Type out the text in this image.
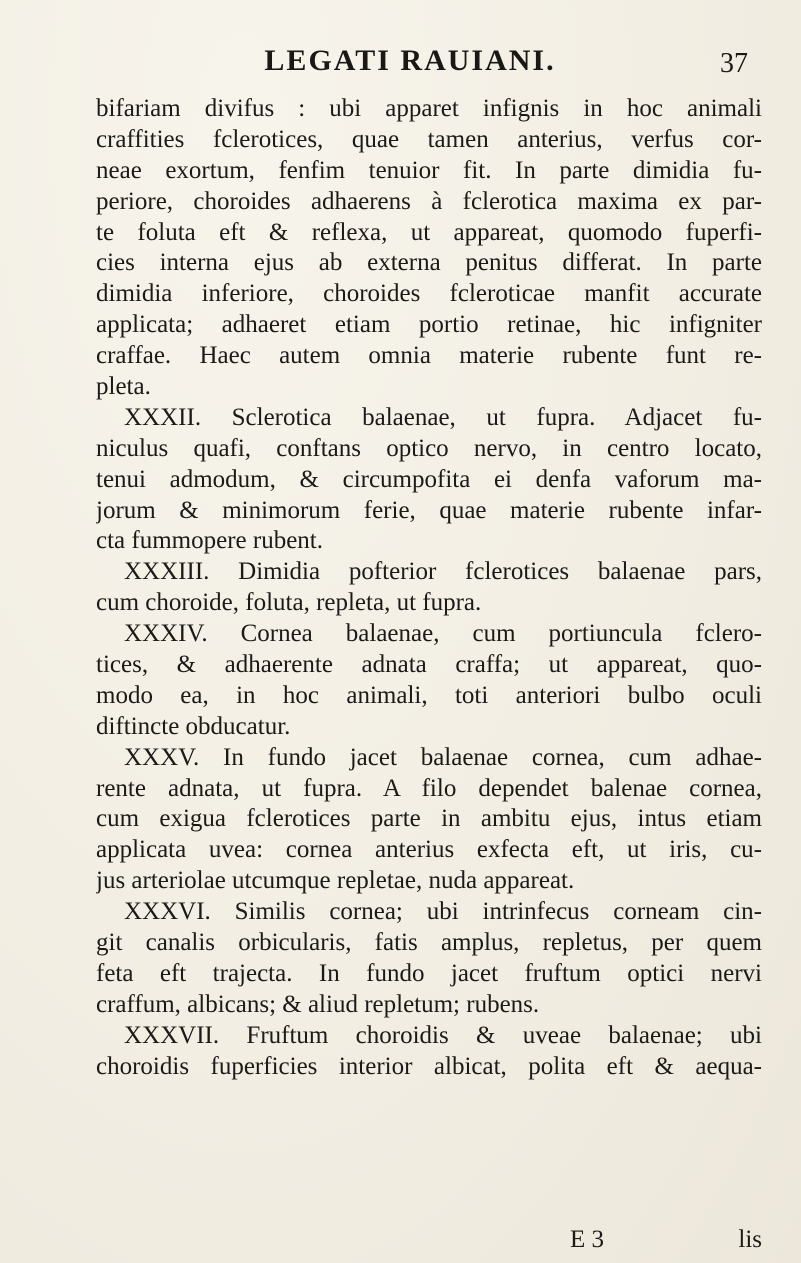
LEGATI RAUIANI.	37
bifariam divifus : ubi apparet infignis in hoc animali
craffities fclerotices, quae tamen anterius, verfus cor-
neae exortum, fenfim tenuior fit. In parte dimidia fu-
periore, choroides adhaerens à fclerotica maxima ex par-
te foluta eft & reflexa, ut appareat, quomodo fuperfi-
cies interna ejus ab externa penitus differat. In parte
dimidia inferiore, choroides fcleroticae manfit accurate
applicata; adhaeret etiam portio retinae, hic infigniter
craffae. Haec autem omnia materie rubente funt re-
pleta.
XXXII. Sclerotica balaenae, ut fupra. Adjacet fu-
niculus quafi, conftans optico nervo, in centro locato,
tenui admodum, & circumpofita ei denfa vaforum ma-
jorum & minimorum ferie, quae materie rubente infar-
cta fummopere rubent.
XXXIII. Dimidia pofterior fclerotices balaenae pars,
cum choroide, foluta, repleta, ut fupra.
XXXIV. Cornea balaenae, cum portiuncula fclero-
tices, & adhaerente adnata craffa; ut appareat, quo-
modo ea, in hoc animali, toti anteriori bulbo oculi
diftincte obducatur.
XXXV. In fundo jacet balaenae cornea, cum adhae-
rente adnata, ut fupra. A filo dependet balenae cornea,
cum exigua fclerotices parte in ambitu ejus, intus etiam
applicata uvea: cornea anterius exfecta eft, ut iris, cu-
jus arteriolae utcumque repletae, nuda appareat.
XXXVI. Similis cornea; ubi intrinfecus corneam cin-
git canalis orbicularis, fatis amplus, repletus, per quem
feta eft trajecta. In fundo jacet fruftum optici nervi
craffum, albicans; & aliud repletum; rubens.
XXXVII. Fruftum choroidis & uveae balaenae; ubi
choroidis fuperficies interior albicat, polita eft & aequa-
E 3	lis
